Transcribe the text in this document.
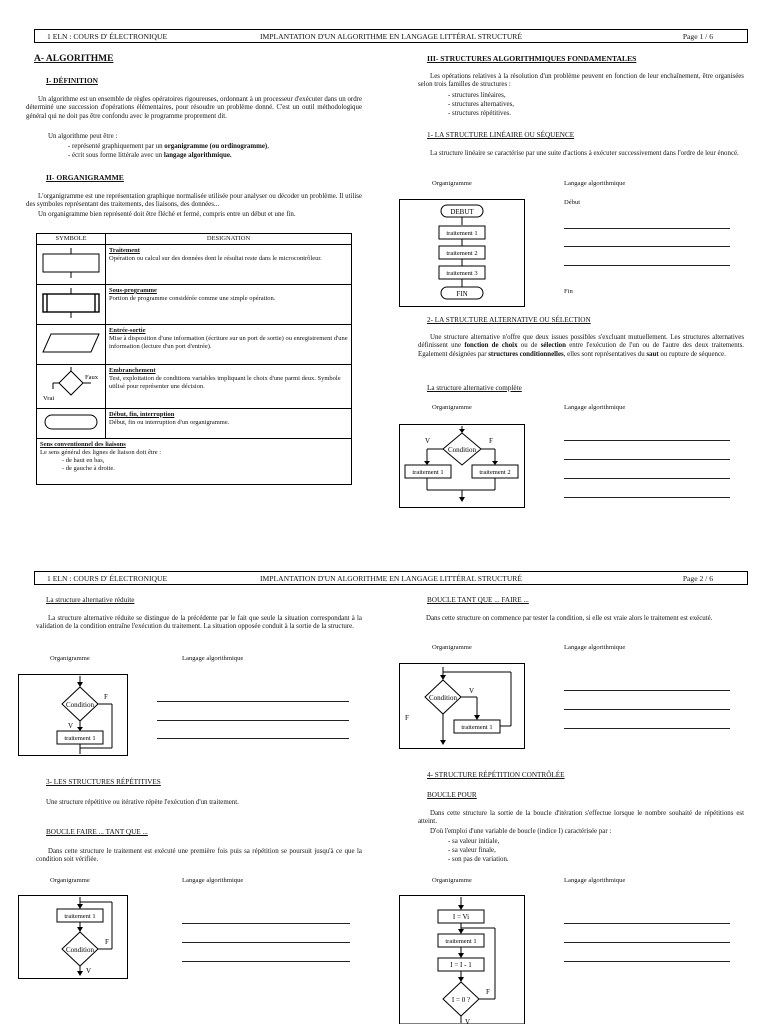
1 ELN : COURS D' ÉLECTRONIQUE	IMPLANTATION D'UN ALGORITHME EN LANGAGE LITTÉRAL STRUCTURÉ	Page 1 / 6
A- ALGORITHME
I- DÉFINITION
Un algorithme est un ensemble de règles opératoires rigoureuses, ordonnant à un processeur d'exécuter dans un ordre déterminé une succession d'opérations élémentaires, pour résoudre un problème donné. C'est un outil méthodologique général qui ne doit pas être confondu avec le programme proprement dit.
Un algorithme peut être :
- représenté graphiquement par un organigramme (ou ordinogramme),
- écrit sous forme littérale avec un langage algorithmique.
II- ORGANIGRAMME
L'organigramme est une représentation graphique normalisée utilisée pour analyser ou décoder un problème. Il utilise des symboles représentant des traitements, des liaisons, des données...
Un organigramme bien représenté doit être fléché et fermé, compris entre un début et une fin.
SYMBOLE	DESIGNATION
	Traitement
Opération ou calcul sur des données dont le résultat reste dans le microcontrôleur.
	Sous-programme
Portion de programme considérée comme une simple opération.
	Entrée-sortie
Mise à disposition d'une information (écriture sur un port de sortie) ou enregistrement d'une information (lecture d'un port d'entrée).

Faux
Vrai	Embranchement
Test, exploitation de conditions variables impliquant le choix d'une parmi deux. Symbole utilisé pour représenter une décision.
	Début, fin, interruption
Début, fin ou interruption d'un organigramme.
Sens conventionnel des liaisons
Le sens général des lignes de liaison doit être :
- de haut en bas,
- de gauche à droite.	
III- STRUCTURES ALGORITHMIQUES FONDAMENTALES
Les opérations relatives à la résolution d'un problème peuvent en fonction de leur enchaînement, être organisées selon trois familles de structures :
- structures linéaires,
- structures alternatives,
- structures répétitives.
1- LA STRUCTURE LINÉAIRE OU SÉQUENCE
La structure linéaire se caractérise par une suite d'actions à exécuter successivement dans l'ordre de leur énoncé.
Organigramme	Langage algorithmique
Début
Fin
DEBUT
traitement 1
traitement 2
traitement 3
FIN
2- LA STRUCTURE ALTERNATIVE OU SÉLECTION
Une structure alternative n'offre que deux issues possibles s'excluant mutuellement. Les structures alternatives définissent une fonction de choix ou de sélection entre l'exécution de l'un ou de l'autre des deux traitements. Egalement désignées par structures conditionnelles, elles sont représentatives du saut ou rupture de séquence.
La structure alternative complète
Organigramme	Langage algorithmique
Condition
V	F
traitement 1	traitement 2
1 ELN : COURS D' ÉLECTRONIQUE	IMPLANTATION D'UN ALGORITHME EN LANGAGE LITTÉRAL STRUCTURÉ	Page 2 / 6
La structure alternative réduite
La structure alternative réduite se distingue de la précédente par le fait que seule la situation correspondant à la validation de la condition entraîne l'exécution du traitement. La situation opposée conduit à la sortie de la structure.
Organigramme	Langage algorithmique
Condition
F
V
traitement 1
3- LES STRUCTURES RÉPÉTITIVES
Une structure répétitive ou itérative répète l'exécution d'un traitement.
BOUCLE FAIRE ... TANT QUE ...
Dans cette structure le traitement est exécuté une première fois puis sa répétition se poursuit jusqu'à ce que la condition soit vérifiée.
Organigramme	Langage algorithmique
traitement 1
Condition
F
V
BOUCLE TANT QUE ... FAIRE ...
Dans cette structure on commence par tester la condition, si elle est vraie alors le traitement est exécuté.
Organigramme	Langage algorithmique
Condition
V
F
traitement 1
4- STRUCTURE RÉPÉTITION CONTRÔLÉE
BOUCLE POUR
Dans cette structure la sortie de la boucle d'itération s'effectue lorsque le nombre souhaité de répétitions est atteint.
D'où l'emploi d'une variable de boucle (indice I) caractérisée par :
- sa valeur initiale,
- sa valeur finale,
- son pas de variation.
Organigramme	Langage algorithmique
I = Vi
traitement 1
I = I - 1
I = 0 ?
F
V
